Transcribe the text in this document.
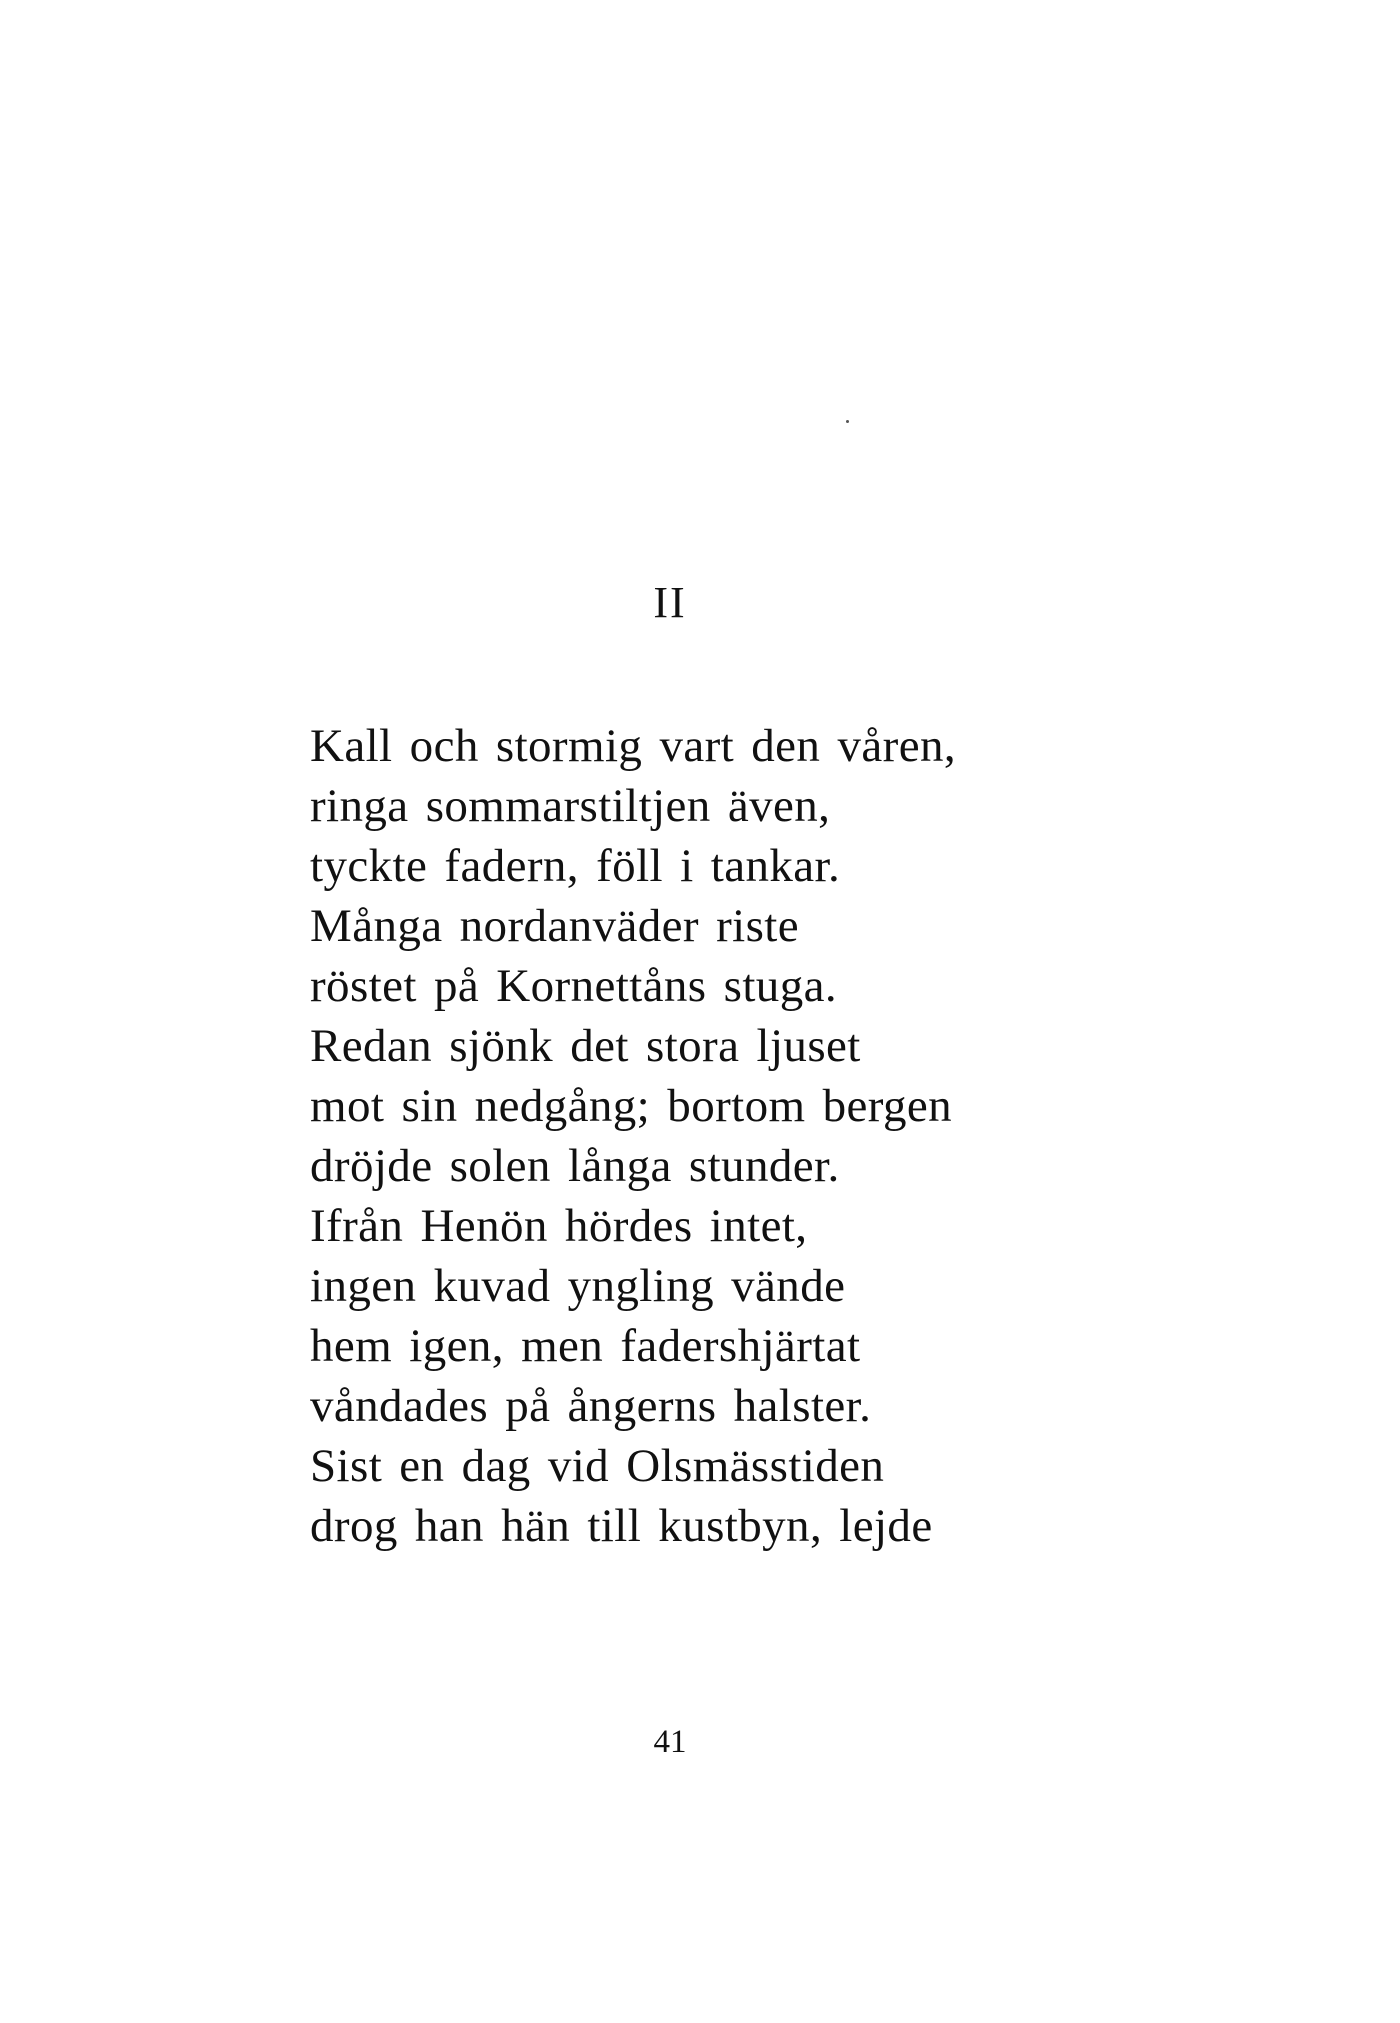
II
Kall och stormig vart den våren,
ringa sommarstiltjen även,
tyckte fadern, föll i tankar.
Många nordanväder riste
röstet på Kornettåns stuga.
Redan sjönk det stora ljuset
mot sin nedgång; bortom bergen
dröjde solen långa stunder.
Ifrån Henön hördes intet,
ingen kuvad yngling vände
hem igen, men fadershjärtat
våndades på ångerns halster.
Sist en dag vid Olsmässtiden
drog han hän till kustbyn, lejde
41
